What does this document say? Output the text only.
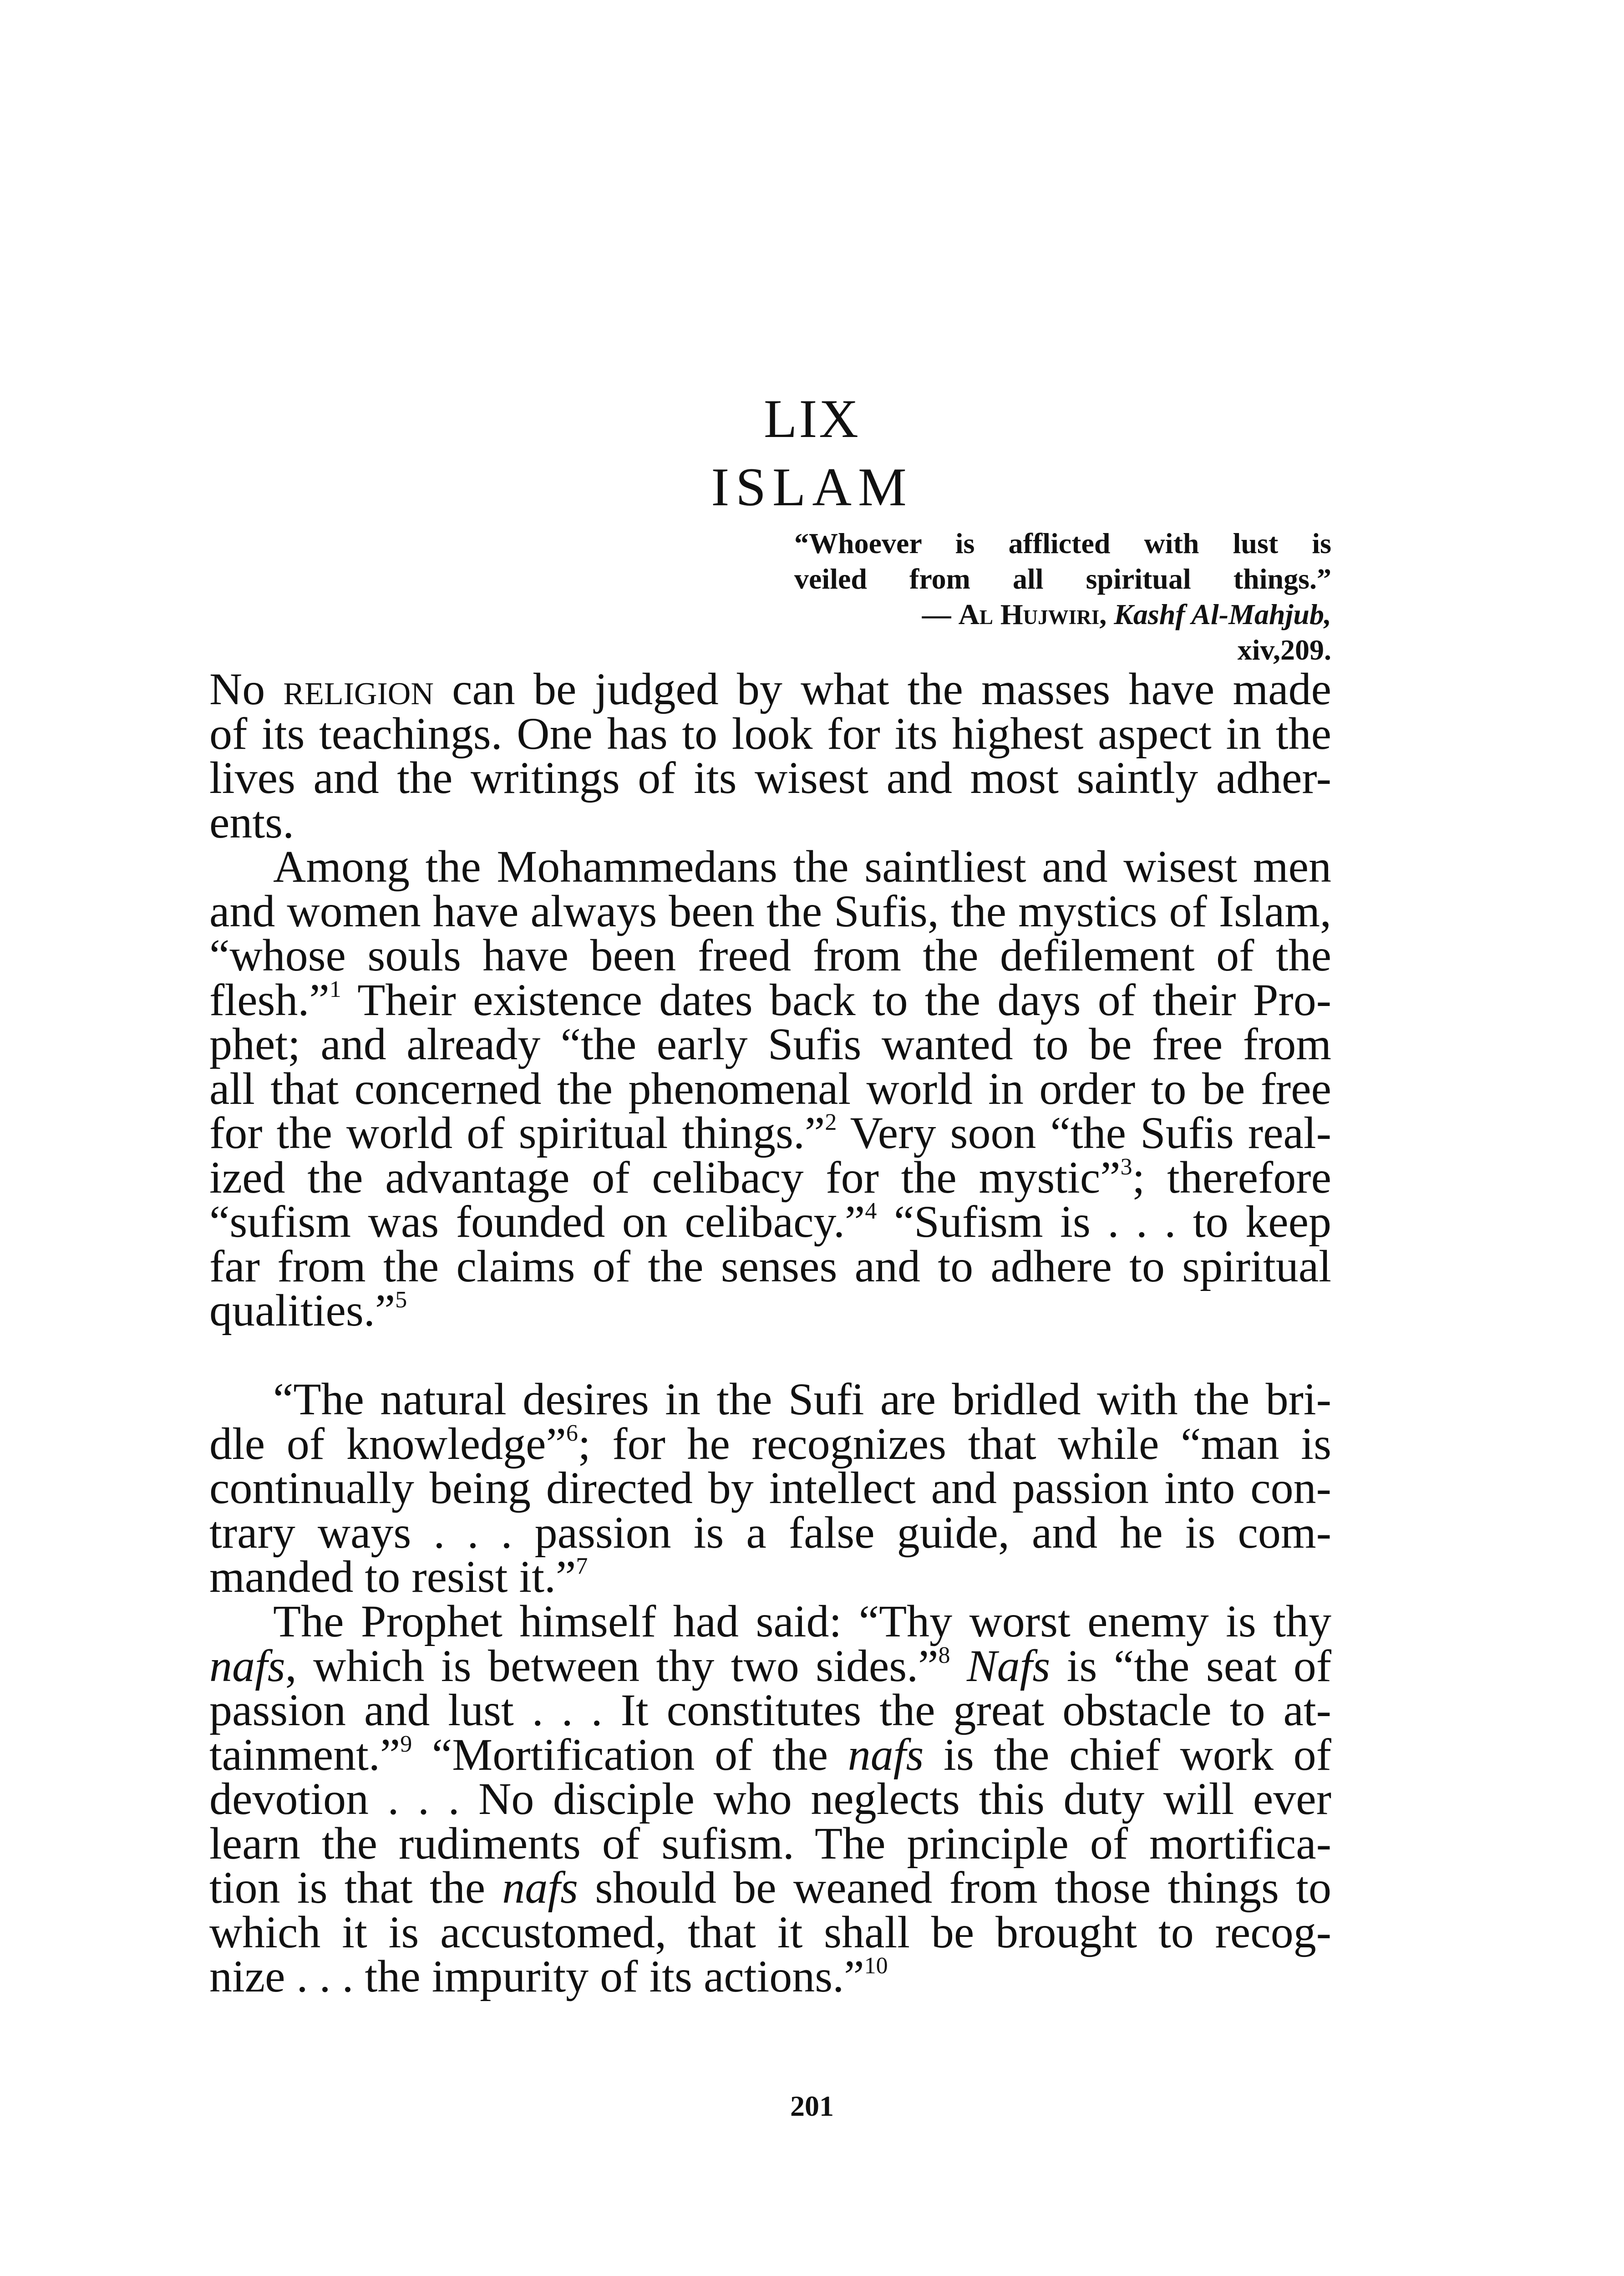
LIX
ISLAM
“Whoever is afflicted with lust is
veiled from all spiritual things.”
— Al Hujwiri, Kashf Al-Mahjub,
xiv,209.
No religion can be judged by what the masses have made
of its teachings. One has to look for its highest aspect in the
lives and the writings of its wisest and most saintly adher-
ents.
Among the Mohammedans the saintliest and wisest men
and women have always been the Sufis, the mystics of Islam,
“whose souls have been freed from the defilement of the
flesh.”$^1$ Their existence dates back to the days of their Pro-
phet; and already “the early Sufis wanted to be free from
all that concerned the phenomenal world in order to be free
for the world of spiritual things.”$^2$ Very soon “the Sufis real-
ized the advantage of celibacy for the mystic”$^3$; therefore
“sufism was founded on celibacy.”$^4$ “Sufism is . . . to keep
far from the claims of the senses and to adhere to spiritual
qualities.”$^5$
“The natural desires in the Sufi are bridled with the bri-
dle of knowledge”$^6$; for he recognizes that while “man is
continually being directed by intellect and passion into con-
trary ways . . . passion is a false guide, and he is com-
manded to resist it.”$^7$
The Prophet himself had said: “Thy worst enemy is thy
nafs, which is between thy two sides.”$^8$ Nafs is “the seat of
passion and lust . . . It constitutes the great obstacle to at-
tainment.”$^9$ “Mortification of the nafs is the chief work of
devotion . . . No disciple who neglects this duty will ever
learn the rudiments of sufism. The principle of mortifica-
tion is that the nafs should be weaned from those things to
which it is accustomed, that it shall be brought to recog-
nize . . . the impurity of its actions.”$^{10}$
201
